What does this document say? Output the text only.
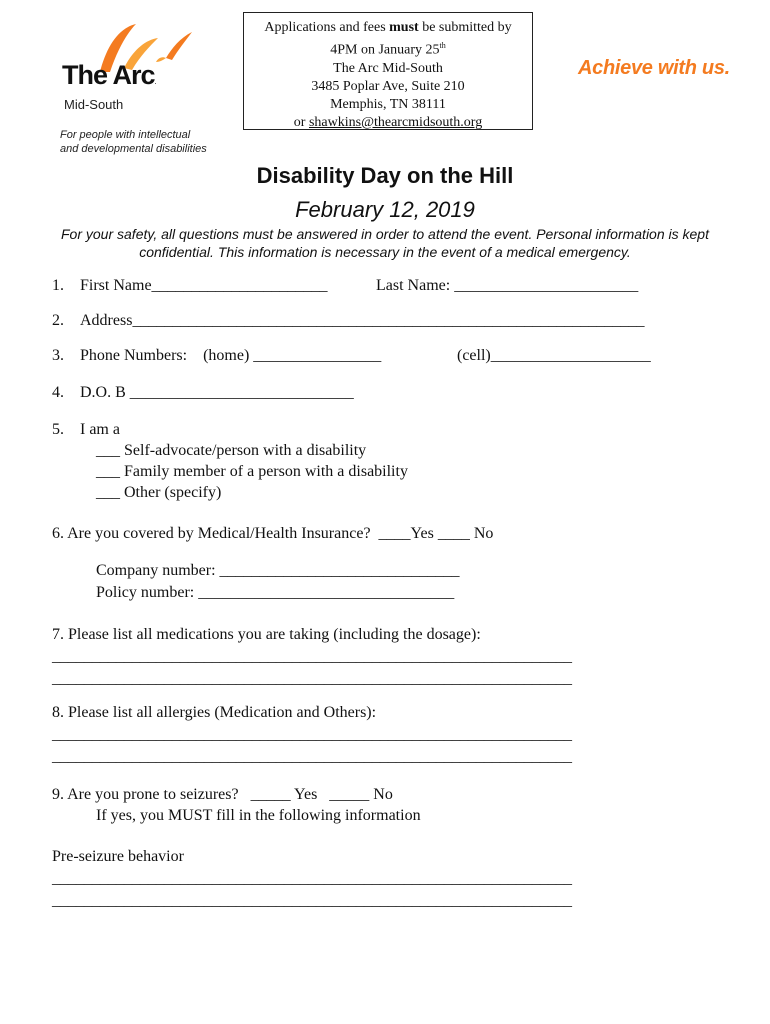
The Arc.
Mid-South
For people with intellectual
and developmental disabilities
Applications and fees must be submitted by
4PM on January 25th
The Arc Mid-South
3485 Poplar Ave, Suite 210
Memphis, TN 38111
or shawkins@thearcmidsouth.org
Achieve with us.
Disability Day on the Hill
February 12, 2019
For your safety, all questions must be answered in order to attend the event. Personal information is kept confidential. This information is necessary in the event of a medical emergency.
1. First Name______________________	Last Name: _______________________
2. Address________________________________________________________________
3. Phone Numbers: (home) ________________	(cell)____________________
4. D.O. B ____________________________
5. I am a
___ Self-advocate/person with a disability
___ Family member of a person with a disability
___ Other (specify)
6. Are you covered by Medical/Health Insurance? ____Yes ____ No
Company number: ______________________________
Policy number: ________________________________
7. Please list all medications you are taking (including the dosage):
_________________________________________________________________
_________________________________________________________________
8. Please list all allergies (Medication and Others):
_________________________________________________________________
_________________________________________________________________
9. Are you prone to seizures?  _____ Yes  _____ No
If yes, you MUST fill in the following information
Pre-seizure behavior
_________________________________________________________________
_________________________________________________________________
